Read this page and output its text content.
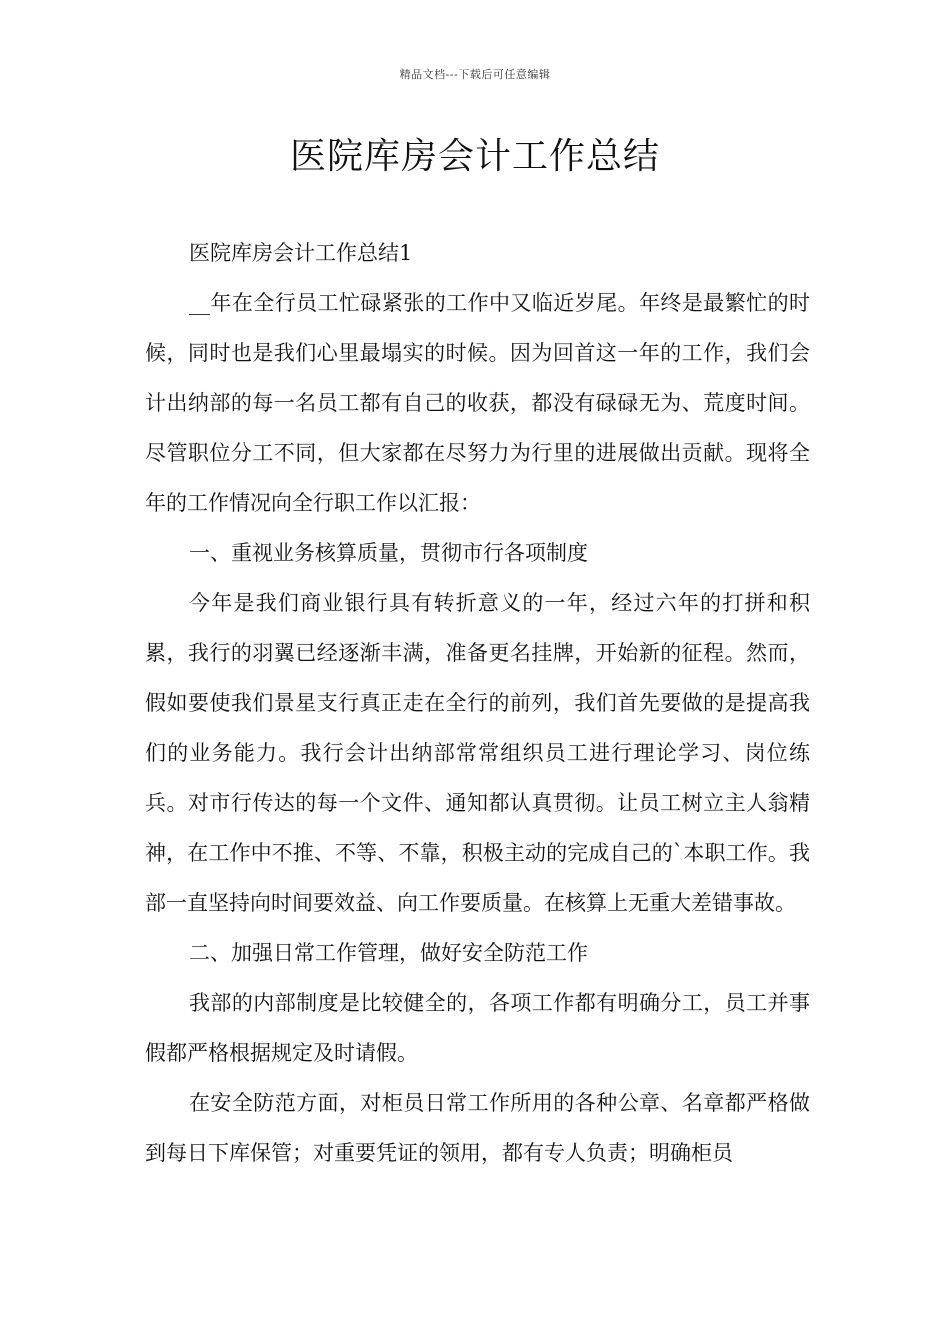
精品文档---下载后可任意编辑
医院库房会计工作总结

医院库房会计工作总结1

__年在全行员工忙碌紧张的工作中又临近岁尾。年终是最繁忙的时候，同时也是我们心里最塌实的时候。因为回首这一年的工作，我们会计出纳部的每一名员工都有自己的收获，都没有碌碌无为、荒度时间。尽管职位分工不同，但大家都在尽努力为行里的进展做出贡献。现将全年的工作情况向全行职工作以汇报：

一、重视业务核算质量，贯彻市行各项制度

今年是我们商业银行具有转折意义的一年，经过六年的打拼和积累，我行的羽翼已经逐渐丰满，准备更名挂牌，开始新的征程。然而，假如要使我们景星支行真正走在全行的前列，我们首先要做的是提高我们的业务能力。我行会计出纳部常常组织员工进行理论学习、岗位练兵。对市行传达的每一个文件、通知都认真贯彻。让员工树立主人翁精神，在工作中不推、不等、不靠，积极主动的完成自己的`本职工作。我部一直坚持向时间要效益、向工作要质量。在核算上无重大差错事故。

二、加强日常工作管理，做好安全防范工作

我部的内部制度是比较健全的，各项工作都有明确分工，员工并事假都严格根据规定及时请假。

在安全防范方面，对柜员日常工作所用的各种公章、名章都严格做到每日下库保管；对重要凭证的领用，都有专人负责；明确柜员
